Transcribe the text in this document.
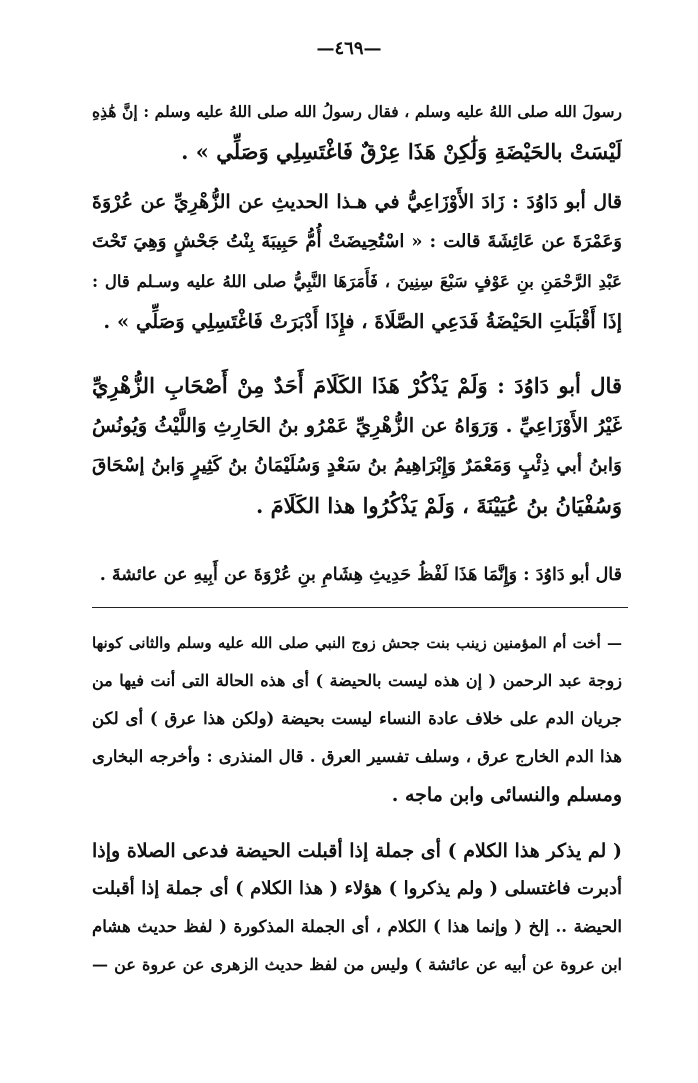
—٤٦٩—
رسولَ الله صلى اللهُ عليه وسلم ، فقال رسولُ الله صلى اللهُ عليه وسلم : إنَّ هَٰذِهِ
لَيْسَتْ بالحَيْضَةِ وَلَٰكِنْ هَذَا عِرْقٌ فَاغْتَسِلِي وَصَلِّي » .
قال أبو دَاوُدَ : زَادَ الأَوْزَاعِيُّ في هـذا الحديثِ عن الزُّهْرِيِّ عن عُرْوَةَ
وَعَمْرَةَ عن عَائِشَةَ قالت : « اسْتُحِيضَتْ أُمُّ حَبِيبَةَ بِنْتُ جَحْشٍ وَهِيَ تَحْتَ
عَبْدِ الرَّحْمَنِ بنِ عَوْفٍ سَبْعَ سِنِينَ ، فَأَمَرَهَا النَّبِيُّ صلى اللهُ عليه وسـلم قال :
إذَا أَقْبَلَتِ الحَيْضَةُ فَدَعِي الصَّلَاةَ ، فإِذَا أَدْبَرَتْ فَاغْتَسِلِي وَصَلِّي » .
قال أبو دَاوُدَ : وَلَمْ يَذْكُرْ هَذَا الكَلَامَ أَحَدٌ مِنْ أَصْحَابِ الزُّهْرِيِّ
غَيْرُ الأَوْزَاعِيِّ . وَرَوَاهُ عن الزُّهْرِيِّ عَمْرُو بنُ الحَارِثِ وَاللَّيْثُ وَيُونُسُ
وَابنُ أبي ذِئْبٍ وَمَعْمَرٌ وَإِبْرَاهِيمُ بنُ سَعْدٍ وَسُلَيْمَانُ بنُ كَثِيرٍ وَابنُ إسْحَاقَ
وَسُفْيَانُ بنُ عُيَيْنَةَ ، وَلَمْ يَذْكُرُوا هذا الكَلَامَ .
قال أبو دَاوُدَ : وَإِنَّمَا هَذَا لَفْظُ حَدِيثِ هِشَامِ بنِ عُرْوَةَ عن أَبِيهِ عن عائشةَ .
— أخت أم المؤمنين زينب بنت جحش زوج النبي صلى الله عليه وسلم والثانى كونها
زوجة عبد الرحمن ( إن هذه ليست بالحيضة ) أى هذه الحالة التى أنت فيها من
جريان الدم على خلاف عادة النساء ليست بحيضة (ولكن هذا عرق ) أى لكن
هذا الدم الخارج عرق ، وسلف تفسير العرق . قال المنذرى : وأخرجه البخارى
ومسلم والنسائى وابن ماجه .
( لم يذكر هذا الكلام ) أى جملة إذا أقبلت الحيضة فدعى الصلاة وإذا
أدبرت فاغتسلى ( ولم يذكروا ) هؤلاء ( هذا الكلام ) أى جملة إذا أقبلت
الحيضة .. إلخ ( وإنما هذا ) الكلام ، أى الجملة المذكورة ( لفظ حديث هشام
ابن عروة عن أبيه عن عائشة ) وليس من لفظ حديث الزهرى عن عروة عن —
